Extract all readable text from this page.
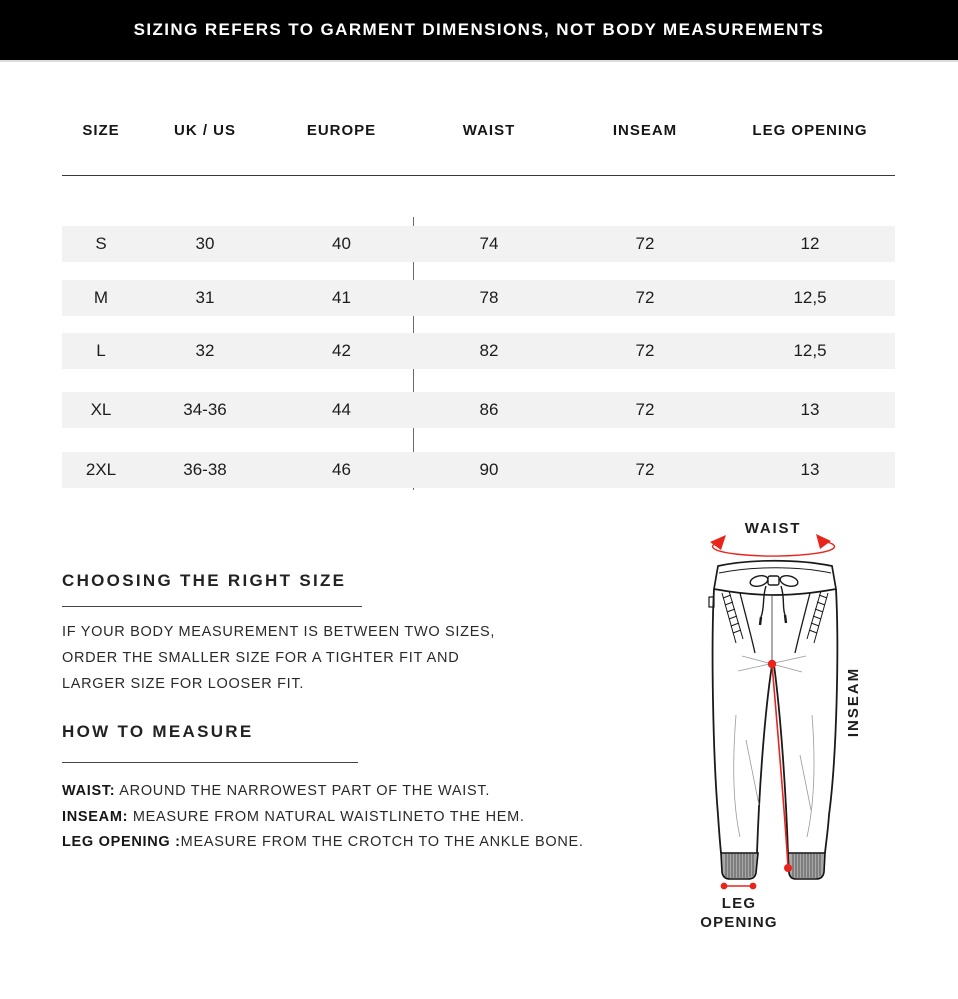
SIZING REFERS TO GARMENT DIMENSIONS, NOT BODY MEASUREMENTS
SIZE	UK / US	EUROPE	WAIST	INSEAM	LEG OPENING
S	30	40	74	72	12
M	31	41	78	72	12,5
L	32	42	82	72	12,5
XL	34-36	44	86	72	13
2XL	36-38	46	90	72	13
CHOOSING THE RIGHT SIZE
IF YOUR BODY MEASUREMENT IS BETWEEN TWO SIZES,
ORDER THE SMALLER SIZE FOR A TIGHTER FIT AND
LARGER SIZE FOR LOOSER FIT.
HOW TO MEASURE
WAIST: AROUND THE NARROWEST PART OF THE WAIST.
INSEAM: MEASURE FROM NATURAL WAISTLINETO THE HEM.
LEG OPENING :MEASURE FROM THE CROTCH TO THE ANKLE BONE.
WAIST
LEG
OPENING
INSEAM
